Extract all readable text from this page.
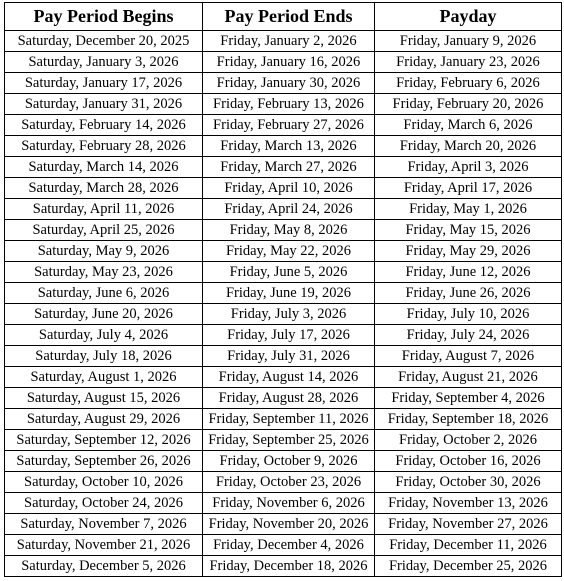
Pay Period Begins	Pay Period Ends	Payday
Saturday, December 20, 2025	Friday, January 2, 2026	Friday, January 9, 2026
Saturday, January 3, 2026	Friday, January 16, 2026	Friday, January 23, 2026
Saturday, January 17, 2026	Friday, January 30, 2026	Friday, February 6, 2026
Saturday, January 31, 2026	Friday, February 13, 2026	Friday, February 20, 2026
Saturday, February 14, 2026	Friday, February 27, 2026	Friday, March 6, 2026
Saturday, February 28, 2026	Friday, March 13, 2026	Friday, March 20, 2026
Saturday, March 14, 2026	Friday, March 27, 2026	Friday, April 3, 2026
Saturday, March 28, 2026	Friday, April 10, 2026	Friday, April 17, 2026
Saturday, April 11, 2026	Friday, April 24, 2026	Friday, May 1, 2026
Saturday, April 25, 2026	Friday, May 8, 2026	Friday, May 15, 2026
Saturday, May 9, 2026	Friday, May 22, 2026	Friday, May 29, 2026
Saturday, May 23, 2026	Friday, June 5, 2026	Friday, June 12, 2026
Saturday, June 6, 2026	Friday, June 19, 2026	Friday, June 26, 2026
Saturday, June 20, 2026	Friday, July 3, 2026	Friday, July 10, 2026
Saturday, July 4, 2026	Friday, July 17, 2026	Friday, July 24, 2026
Saturday, July 18, 2026	Friday, July 31, 2026	Friday, August 7, 2026
Saturday, August 1, 2026	Friday, August 14, 2026	Friday, August 21, 2026
Saturday, August 15, 2026	Friday, August 28, 2026	Friday, September 4, 2026
Saturday, August 29, 2026	Friday, September 11, 2026	Friday, September 18, 2026
Saturday, September 12, 2026	Friday, September 25, 2026	Friday, October 2, 2026
Saturday, September 26, 2026	Friday, October 9, 2026	Friday, October 16, 2026
Saturday, October 10, 2026	Friday, October 23, 2026	Friday, October 30, 2026
Saturday, October 24, 2026	Friday, November 6, 2026	Friday, November 13, 2026
Saturday, November 7, 2026	Friday, November 20, 2026	Friday, November 27, 2026
Saturday, November 21, 2026	Friday, December 4, 2026	Friday, December 11, 2026
Saturday, December 5, 2026	Friday, December 18, 2026	Friday, December 25, 2026
